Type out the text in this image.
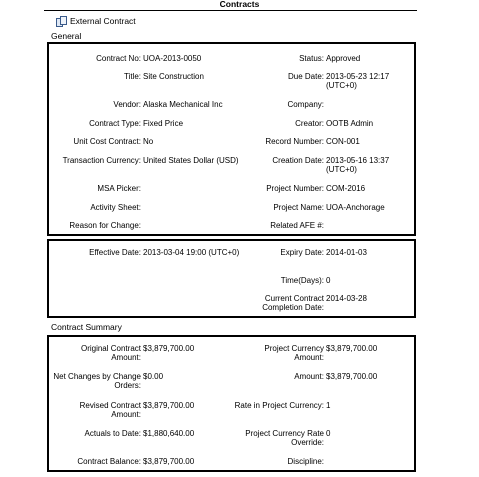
Contracts
External Contract
General
Contract No: UOA-2013-0050	Status: Approved
Title: Site Construction	Due Date: 2013-05-23 12:17 (UTC+0)
Vendor: Alaska Mechanical Inc	Company:
Contract Type: Fixed Price	Creator: OOTB Admin
Unit Cost Contract: No	Record Number: CON-001
Transaction Currency: United States Dollar (USD)	Creation Date: 2013-05-16 13:37 (UTC+0)
MSA Picker:	Project Number: COM-2016
Activity Sheet:	Project Name: UOA-Anchorage
Reason for Change:	Related AFE #:
Effective Date: 2013-03-04 19:00 (UTC+0)	Expiry Date: 2014-01-03
Time(Days): 0
Current Contract Completion Date:
2014-03-28
Contract Summary
Original Contract Amount:
$3,879,700.00	Project Currency Amount:
$3,879,700.00
Net Changes by Change Orders:
$0.00	Amount: $3,879,700.00
Revised Contract Amount:
$3,879,700.00	Rate in Project Currency: 1
Actuals to Date: $1,880,640.00	Project Currency Rate Override:
0
Contract Balance: $3,879,700.00	Discipline:
